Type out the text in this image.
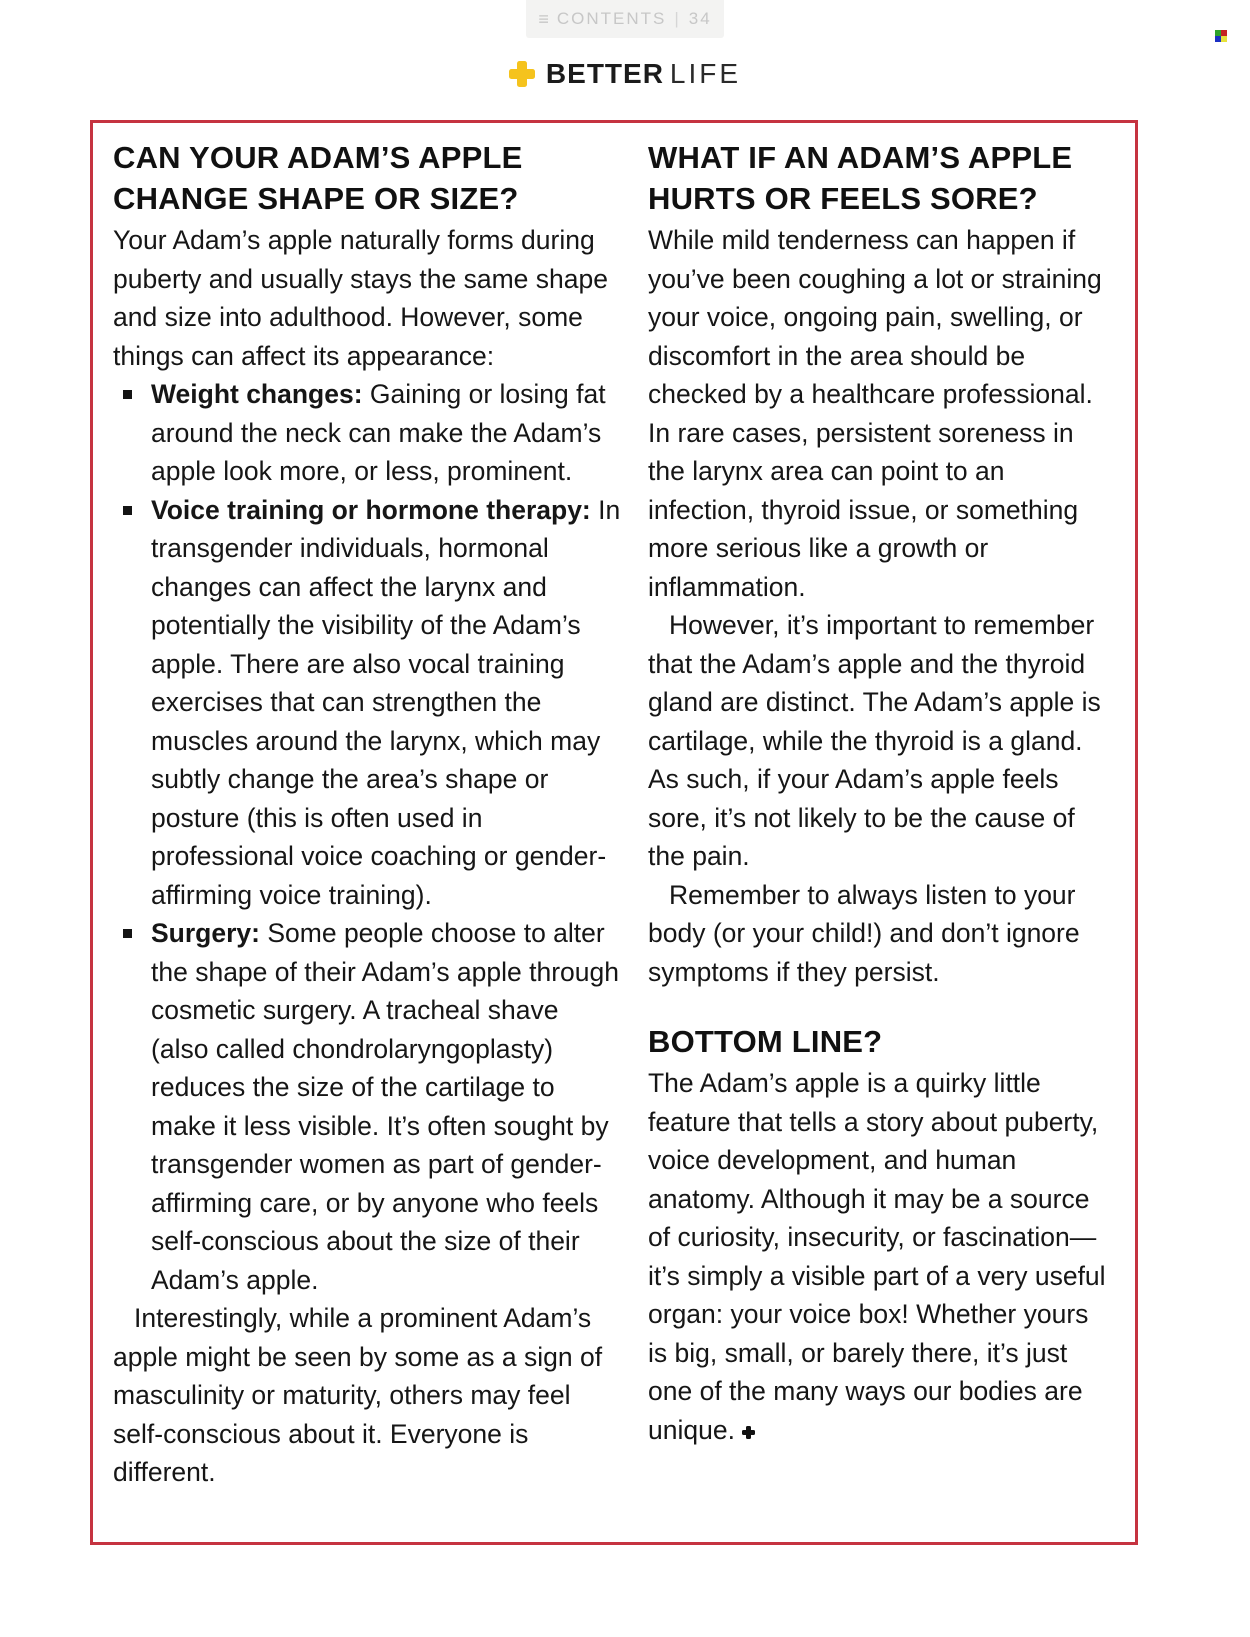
≡ CONTENTS | 34
BETTER LIFE
CAN YOUR ADAM’S APPLE CHANGE SHAPE OR SIZE?

Your Adam’s apple naturally forms during puberty and usually stays the same shape and size into adulthood. However, some things can affect its appearance:

Weight changes: Gaining or losing fat around the neck can make the Adam’s apple look more, or less, prominent.
Voice training or hormone therapy: In transgender individuals, hormonal changes can affect the larynx and potentially the visibility of the Adam’s apple. There are also vocal training exercises that can strengthen the muscles around the larynx, which may subtly change the area’s shape or posture (this is often used in professional voice coaching or gender-affirming voice training).
Surgery: Some people choose to alter the shape of their Adam’s apple through cosmetic surgery. A tracheal shave (also called chondrolaryngoplasty) reduces the size of the cartilage to make it less visible. It’s often sought by transgender women as part of gender-affirming care, or by anyone who feels self-conscious about the size of their Adam’s apple.

Interestingly, while a prominent Adam’s apple might be seen by some as a sign of masculinity or maturity, others may feel self-conscious about it. Everyone is different.

WHAT IF AN ADAM’S APPLE HURTS OR FEELS SORE?

While mild tenderness can happen if you’ve been coughing a lot or straining your voice, ongoing pain, swelling, or discomfort in the area should be checked by a healthcare professional. In rare cases, persistent soreness in the larynx area can point to an infection, thyroid issue, or something more serious like a growth or inflammation.

However, it’s important to remember that the Adam’s apple and the thyroid gland are distinct. The Adam’s apple is cartilage, while the thyroid is a gland. As such, if your Adam’s apple feels sore, it’s not likely to be the cause of the pain.

Remember to always listen to your body (or your child!) and don’t ignore symptoms if they persist.

BOTTOM LINE?

The Adam’s apple is a quirky little feature that tells a story about puberty, voice development, and human anatomy. Although it may be a source of curiosity, insecurity, or fascination—it’s simply a visible part of a very useful organ: your voice box! Whether yours is big, small, or barely there, it’s just one of the many ways our bodies are unique.
